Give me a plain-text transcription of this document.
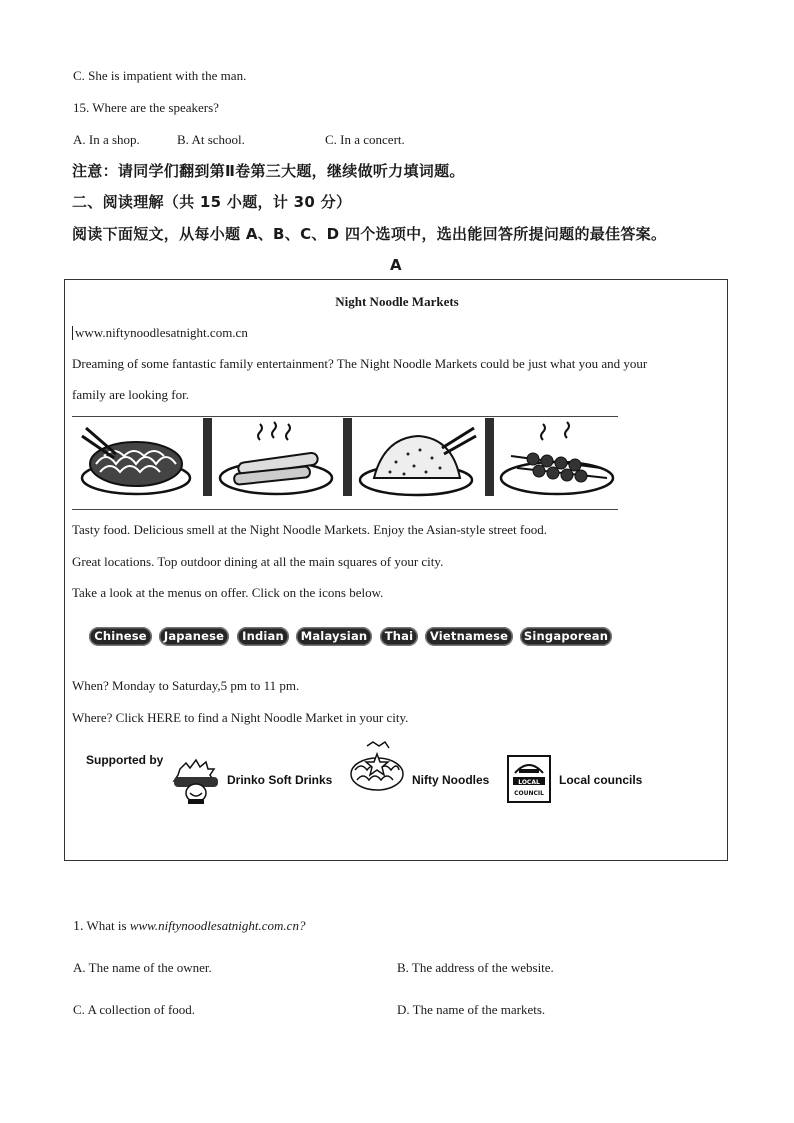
C. She is impatient with the man.
15. Where are the speakers?
A. In a shop.	B. At school.	C. In a concert.
注意：请同学们翻到第Ⅱ卷第三大题，继续做听力填词题。
二、阅读理解（共 15 小题，计 30 分）
阅读下面短文，从每小题 A、B、C、D 四个选项中，选出能回答所提问题的最佳答案。
A
Night Noodle Markets
www.niftynoodlesatnight.com.cn
Dreaming of some fantastic family entertainment? The Night Noodle Markets could be just what you and your
family are looking for.
Tasty food. Delicious smell at the Night Noodle Markets. Enjoy the Asian-style street food.
Great locations. Top outdoor dining at all the main squares of your city.
Take a look at the menus on offer. Click on the icons below.
Chinese	Japanese	Indian	Malaysian	Thai	Vietnamese	Singaporean
When? Monday to Saturday,5 pm to 11 pm.
Where? Click HERE to find a Night Noodle Market in your city.
Supported by
Drinko Soft Drinks	Nifty Noodles	LOCAL
COUNCIL
Local councils
1. What is www.niftynoodlesatnight.com.cn?
A. The name of the owner.	B. The address of the website.
C. A collection of food.	D. The name of the markets.
